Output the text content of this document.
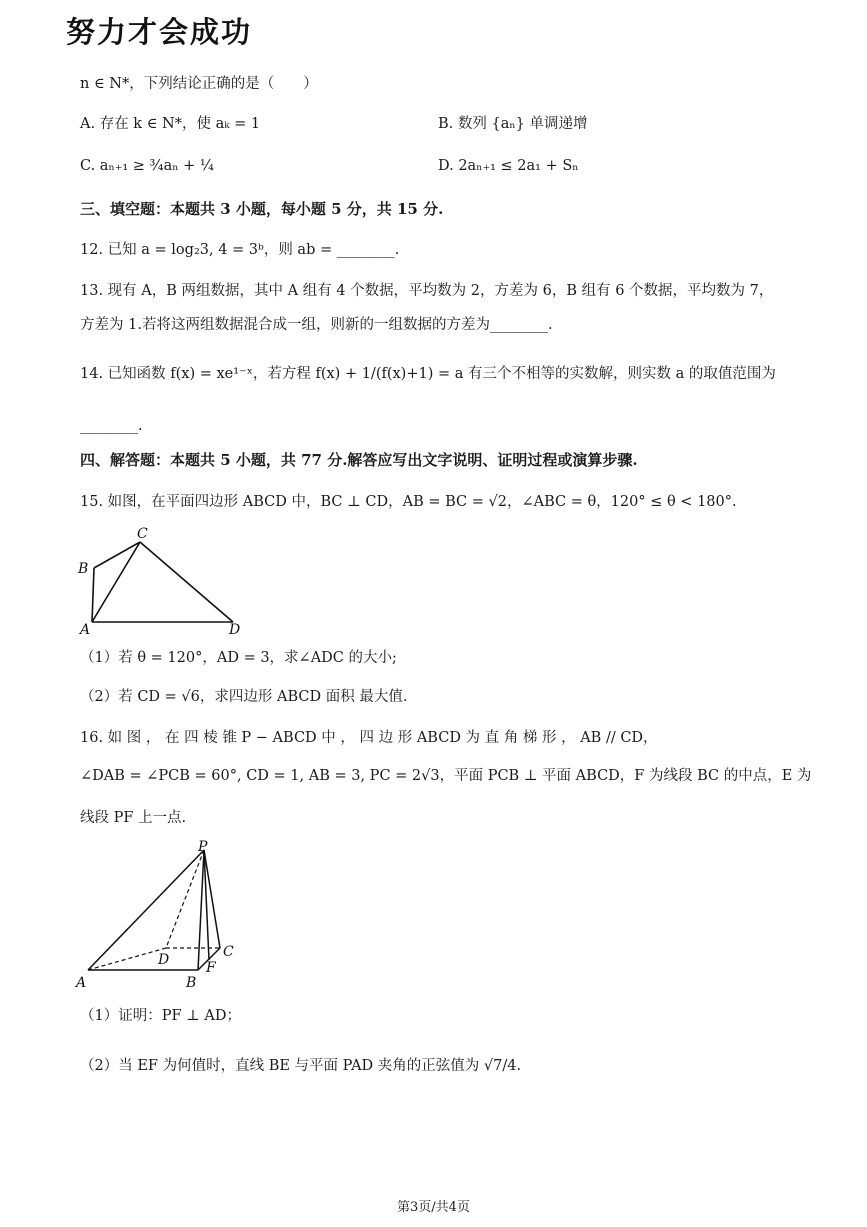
努力才会成功
n ∈ N*，下列结论正确的是（　　）
A. 存在 k ∈ N*，使 aₖ = 1	B. 数列 {aₙ} 单调递增
C. aₙ₊₁ ≥ ¾aₙ + ¼	D. 2aₙ₊₁ ≤ 2a₁ + Sₙ
三、填空题：本题共 3 小题，每小题 5 分，共 15 分.
12. 已知 a = log₂3, 4 = 3ᵇ，则 ab = ________.
13. 现有 A，B 两组数据，其中 A 组有 4 个数据，平均数为 2，方差为 6，B 组有 6 个数据，平均数为 7，
方差为 1.若将这两组数据混合成一组，则新的一组数据的方差为________.
14. 已知函数 f(x) = xe¹⁻ˣ，若方程 f(x) + 1/(f(x)+1) = a 有三个不相等的实数解，则实数 a 的取值范围为
________.
四、解答题：本题共 5 小题，共 77 分.解答应写出文字说明、证明过程或演算步骤.
15. 如图，在平面四边形 ABCD 中，BC ⊥ CD，AB = BC = √2，∠ABC = θ，120° ≤ θ < 180°.
B
C
A	D
（1）若 θ = 120°，AD = 3，求∠ADC 的大小;
（2）若 CD = √6，求四边形 ABCD 面积 最大值.
16. 如 图 ， 在 四 棱 锥 P − ABCD 中 ， 四 边 形 ABCD 为 直 角 梯 形 ， AB // CD，
∠DAB = ∠PCB = 60°, CD = 1, AB = 3, PC = 2√3，平面 PCB ⊥ 平面 ABCD，F 为线段 BC 的中点，E 为
线段 PF 上一点.
P
A	B
C
D	F
（1）证明：PF ⊥ AD；
（2）当 EF 为何值时，直线 BE 与平面 PAD 夹角的正弦值为 √7/4.
第3页/共4页
